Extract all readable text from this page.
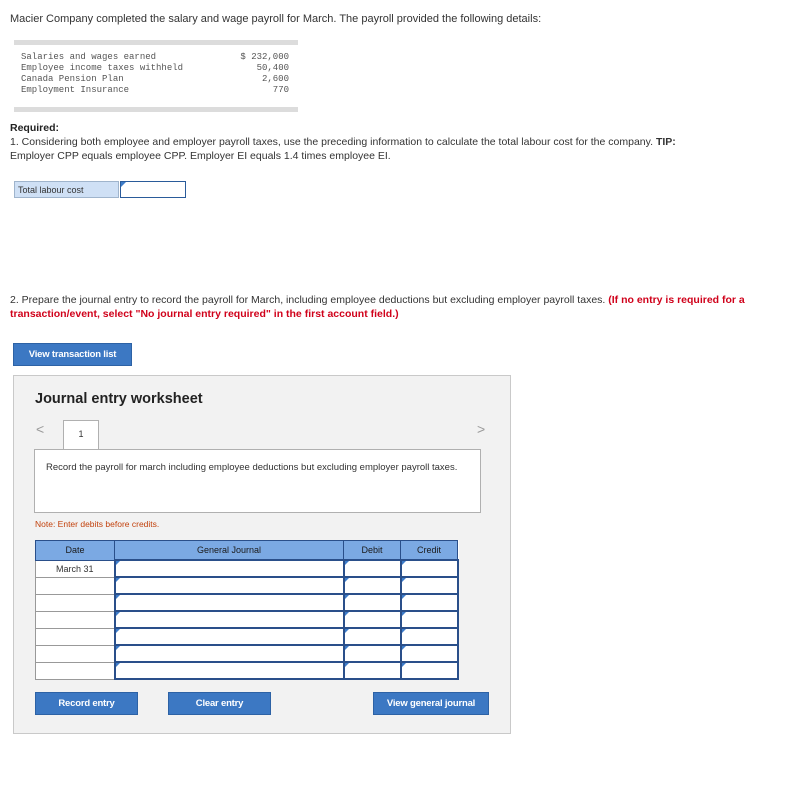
Macier Company completed the salary and wage payroll for March. The payroll provided the following details:
Salaries and wages earned	$ 232,000
Employee income taxes withheld	50,400
Canada Pension Plan	2,600
Employment Insurance	770
Required:
1. Considering both employee and employer payroll taxes, use the preceding information to calculate the total labour cost for the company. TIP: Employer CPP equals employee CPP. Employer EI equals 1.4 times employee EI.
Total labour cost
2. Prepare the journal entry to record the payroll for March, including employee deductions but excluding employer payroll taxes. (If no entry is required for a transaction/event, select "No journal entry required" in the first account field.)
View transaction list
Journal entry worksheet
<	1	>
Record the payroll for march including employee deductions but excluding employer payroll taxes.
Note: Enter debits before credits.
Date	General Journal	Debit	Credit
March 31	

Record entry	Clear entry	View general journal
